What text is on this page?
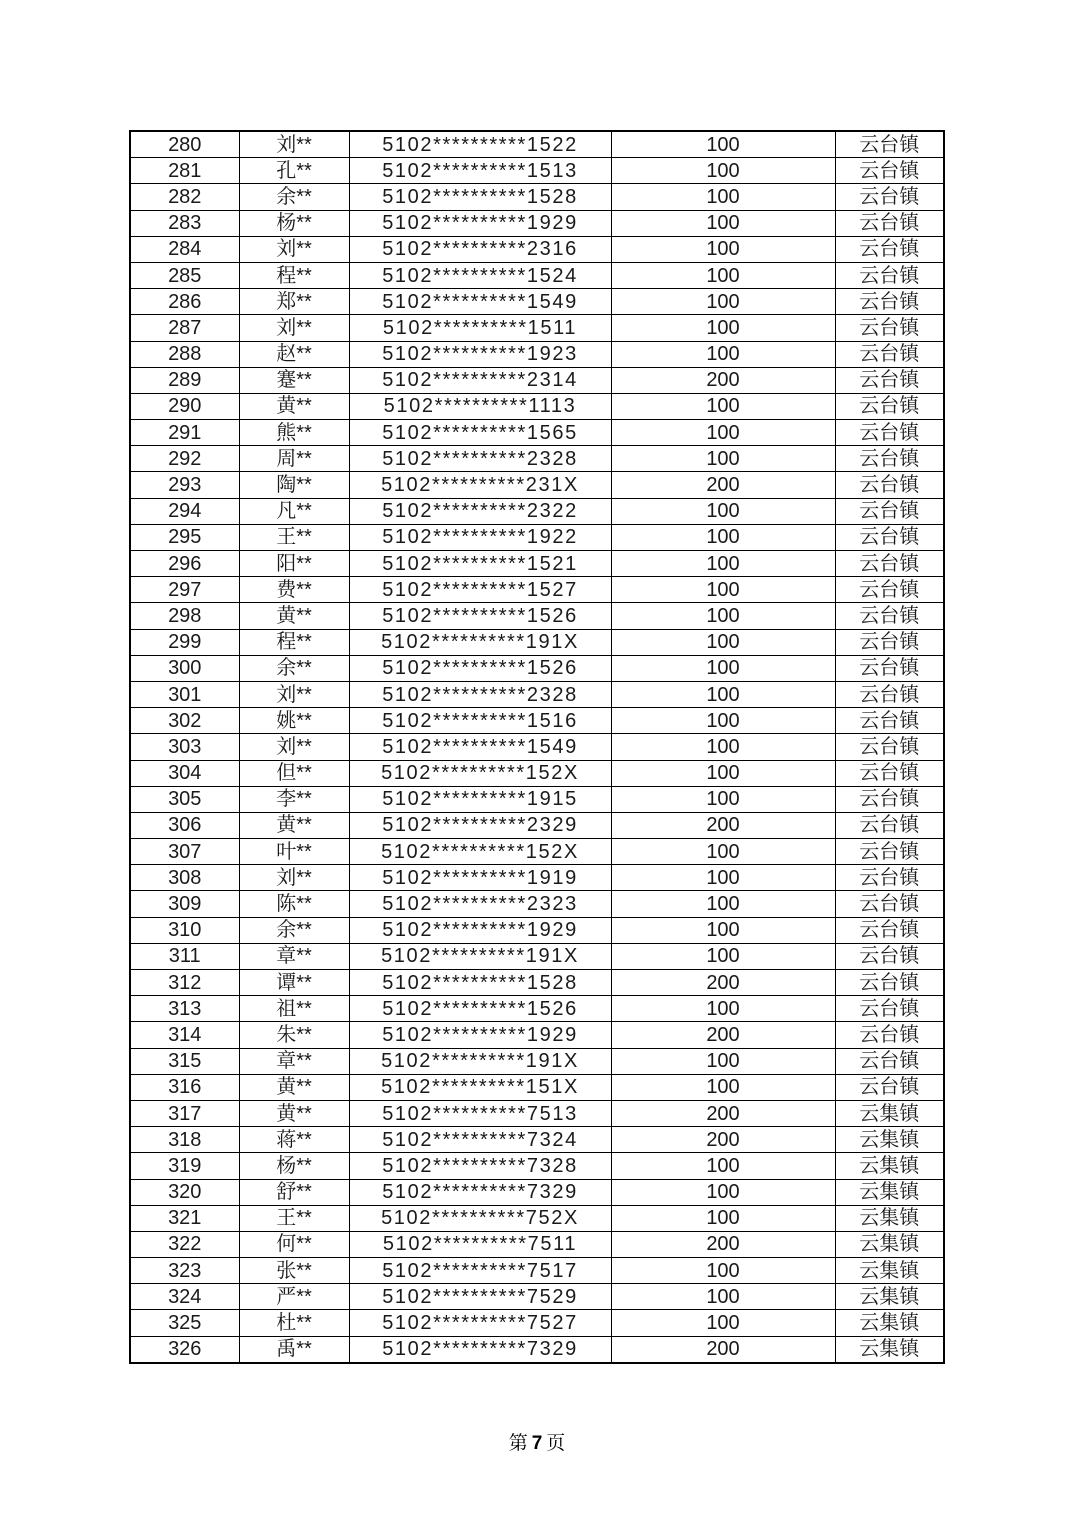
280	刘**	5102**********1522	100	云台镇
281	孔**	5102**********1513	100	云台镇
282	余**	5102**********1528	100	云台镇
283	杨**	5102**********1929	100	云台镇
284	刘**	5102**********2316	100	云台镇
285	程**	5102**********1524	100	云台镇
286	郑**	5102**********1549	100	云台镇
287	刘**	5102**********1511	100	云台镇
288	赵**	5102**********1923	100	云台镇
289	蹇**	5102**********2314	200	云台镇
290	黄**	5102**********1113	100	云台镇
291	熊**	5102**********1565	100	云台镇
292	周**	5102**********2328	100	云台镇
293	陶**	5102**********231X	200	云台镇
294	凡**	5102**********2322	100	云台镇
295	王**	5102**********1922	100	云台镇
296	阳**	5102**********1521	100	云台镇
297	费**	5102**********1527	100	云台镇
298	黄**	5102**********1526	100	云台镇
299	程**	5102**********191X	100	云台镇
300	余**	5102**********1526	100	云台镇
301	刘**	5102**********2328	100	云台镇
302	姚**	5102**********1516	100	云台镇
303	刘**	5102**********1549	100	云台镇
304	但**	5102**********152X	100	云台镇
305	李**	5102**********1915	100	云台镇
306	黄**	5102**********2329	200	云台镇
307	叶**	5102**********152X	100	云台镇
308	刘**	5102**********1919	100	云台镇
309	陈**	5102**********2323	100	云台镇
310	余**	5102**********1929	100	云台镇
311	章**	5102**********191X	100	云台镇
312	谭**	5102**********1528	200	云台镇
313	祖**	5102**********1526	100	云台镇
314	朱**	5102**********1929	200	云台镇
315	章**	5102**********191X	100	云台镇
316	黄**	5102**********151X	100	云台镇
317	黄**	5102**********7513	200	云集镇
318	蒋**	5102**********7324	200	云集镇
319	杨**	5102**********7328	100	云集镇
320	舒**	5102**********7329	100	云集镇
321	王**	5102**********752X	100	云集镇
322	何**	5102**********7511	200	云集镇
323	张**	5102**********7517	100	云集镇
324	严**	5102**********7529	100	云集镇
325	杜**	5102**********7527	100	云集镇
326	禹**	5102**********7329	200	云集镇
第 7 页
